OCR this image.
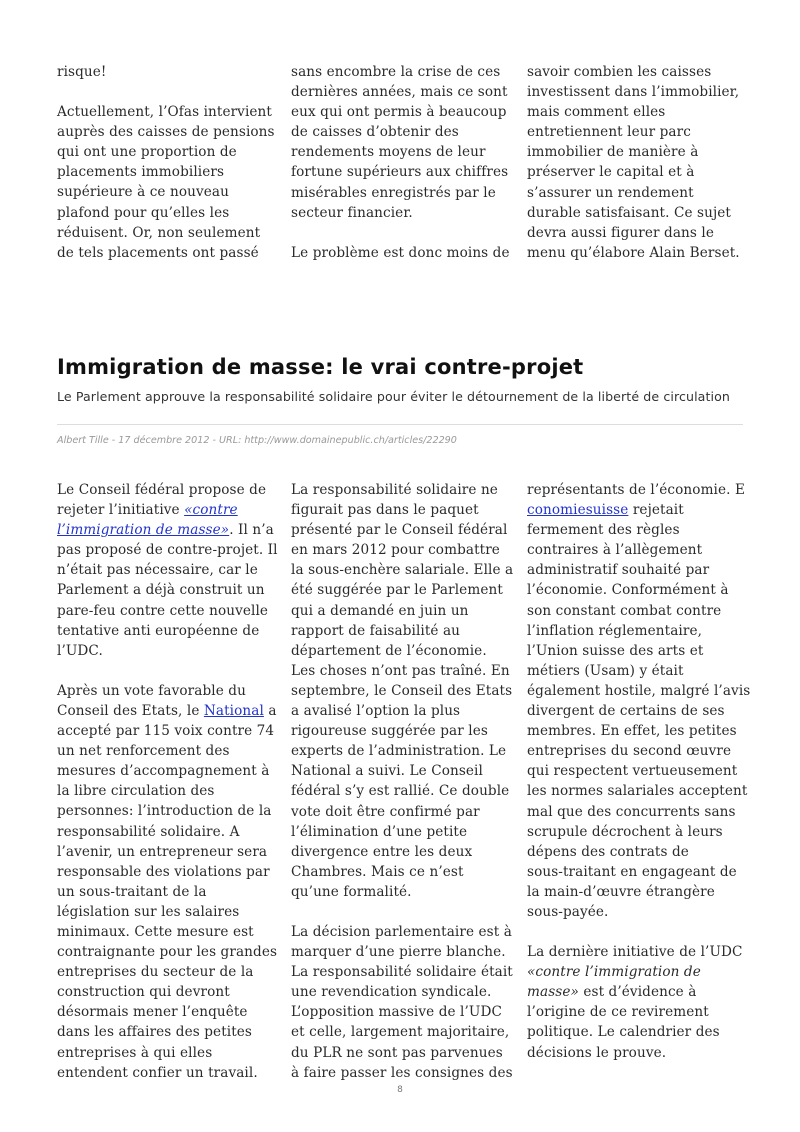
risque!

Actuellement, l’Ofas intervient
auprès des caisses de pensions
qui ont une proportion de
placements immobiliers
supérieure à ce nouveau
plafond pour qu’elles les
réduisent. Or, non seulement
de tels placements ont passé

sans encombre la crise de ces
dernières années, mais ce sont
eux qui ont permis à beaucoup
de caisses d’obtenir des
rendements moyens de leur
fortune supérieurs aux chiffres
misérables enregistrés par le
secteur financier.

Le problème est donc moins de

savoir combien les caisses
investissent dans l’immobilier,
mais comment elles
entretiennent leur parc
immobilier de manière à
préserver le capital et à
s’assurer un rendement
durable satisfaisant. Ce sujet
devra aussi figurer dans le
menu qu’élabore Alain Berset.

Immigration de masse: le vrai contre-projet
Le Parlement approuve la responsabilité solidaire pour éviter le détournement de la liberté de circulation
Albert Tille - 17 décembre 2012 - URL: http://www.domainepublic.ch/articles/22290

Le Conseil fédéral propose de
rejeter l’initiative «contre
l’immigration de masse». Il n’a
pas proposé de contre-projet. Il
n’était pas nécessaire, car le
Parlement a déjà construit un
pare-feu contre cette nouvelle
tentative anti européenne de
l’UDC.

Après un vote favorable du
Conseil des Etats, le National a
accepté par 115 voix contre 74
un net renforcement des
mesures d’accompagnement à
la libre circulation des
personnes: l’introduction de la
responsabilité solidaire. A
l’avenir, un entrepreneur sera
responsable des violations par
un sous-traitant de la
législation sur les salaires
minimaux. Cette mesure est
contraignante pour les grandes
entreprises du secteur de la
construction qui devront
désormais mener l’enquête
dans les affaires des petites
entreprises à qui elles
entendent confier un travail.

La responsabilité solidaire ne
figurait pas dans le paquet
présenté par le Conseil fédéral
en mars 2012 pour combattre
la sous-enchère salariale. Elle a
été suggérée par le Parlement
qui a demandé en juin un
rapport de faisabilité au
département de l’économie.
Les choses n’ont pas traîné. En
septembre, le Conseil des Etats
a avalisé l’option la plus
rigoureuse suggérée par les
experts de l’administration. Le
National a suivi. Le Conseil
fédéral s’y est rallié. Ce double
vote doit être confirmé par
l’élimination d’une petite
divergence entre les deux
Chambres. Mais ce n’est
qu’une formalité.

La décision parlementaire est à
marquer d’une pierre blanche.
La responsabilité solidaire était
une revendication syndicale.
L’opposition massive de l’UDC
et celle, largement majoritaire,
du PLR ne sont pas parvenues
à faire passer les consignes des

représentants de l’économie. E
conomiesuisse rejetait
fermement des règles
contraires à l’allègement
administratif souhaité par
l’économie. Conformément à
son constant combat contre
l’inflation réglementaire,
l’Union suisse des arts et
métiers (Usam) y était
également hostile, malgré l’avis
divergent de certains de ses
membres. En effet, les petites
entreprises du second œuvre
qui respectent vertueusement
les normes salariales acceptent
mal que des concurrents sans
scrupule décrochent à leurs
dépens des contrats de
sous-traitant en engageant de
la main-d’œuvre étrangère
sous-payée.

La dernière initiative de l’UDC
«contre l’immigration de
masse» est d’évidence à
l’origine de ce revirement
politique. Le calendrier des
décisions le prouve.

8
